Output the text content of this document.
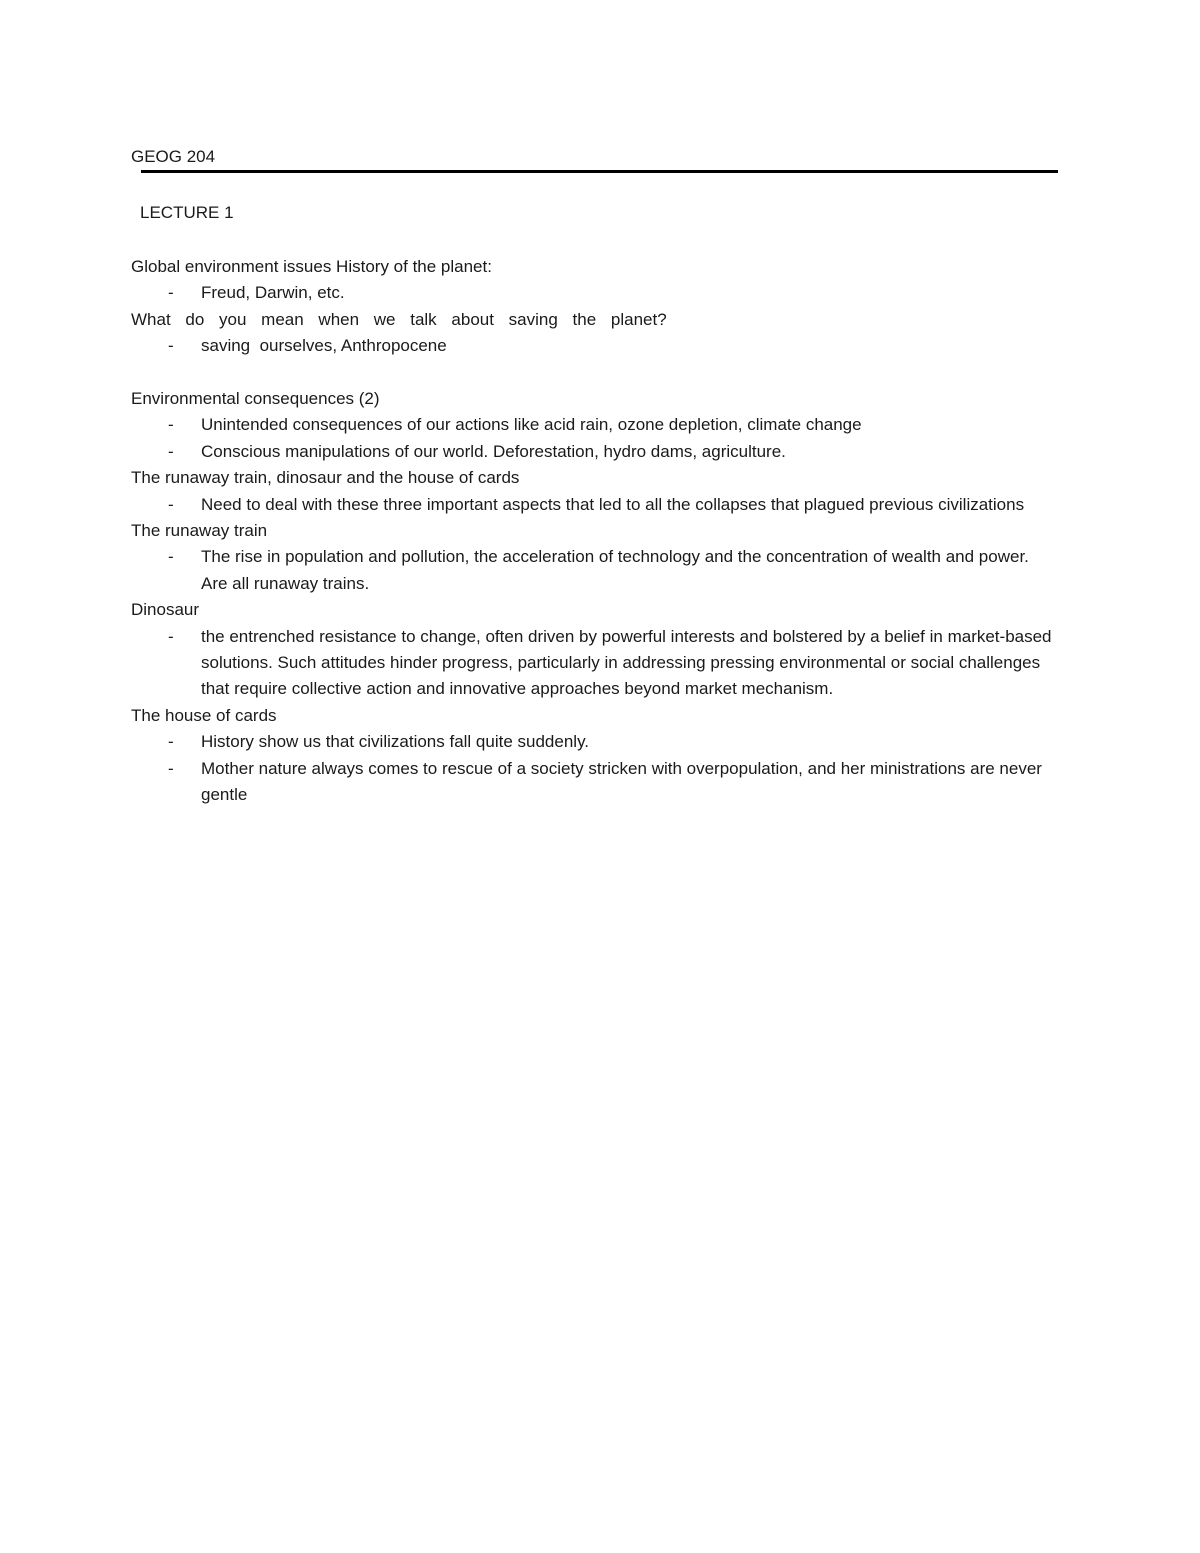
GEOG 204
LECTURE 1

Global environment issues History of the planet:

- Freud, Darwin, etc.

What do you mean when we talk about saving the planet?

- saving  ourselves, Anthropocene

Environmental consequences (2)

- Unintended consequences of our actions like acid rain, ozone depletion, climate change
- Conscious manipulations of our world. Deforestation, hydro dams, agriculture.

The runaway train, dinosaur and the house of cards

- Need to deal with these three important aspects that led to all the collapses that plagued previous civilizations

The runaway train

- The rise in population and pollution, the acceleration of technology and the concentration of wealth and power. Are all runaway trains.

Dinosaur

- the entrenched resistance to change, often driven by powerful interests and bolstered by a belief in market-based solutions. Such attitudes hinder progress, particularly in addressing pressing environmental or social challenges that require collective action and innovative approaches beyond market mechanism.

The house of cards

- History show us that civilizations fall quite suddenly.
- Mother nature always comes to rescue of a society stricken with overpopulation, and her ministrations are never gentle
